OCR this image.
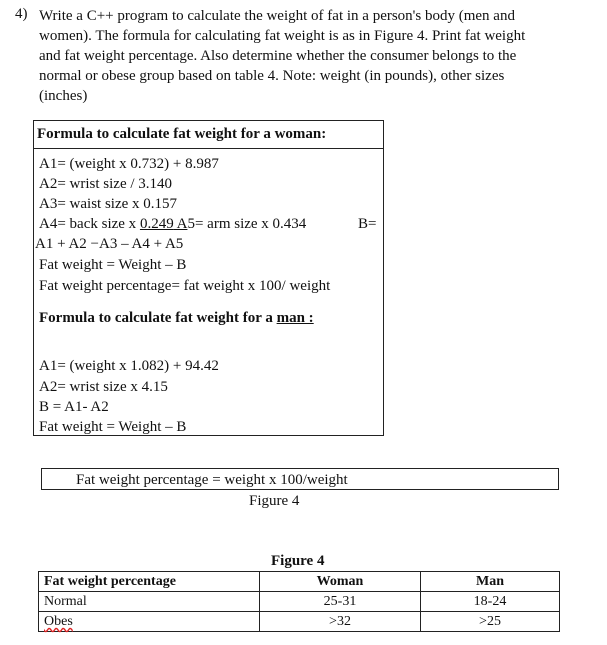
4) Write a C++ program to calculate the weight of fat in a person's body (men and
women). The formula for calculating fat weight is as in Figure 4. Print fat weight
and fat weight percentage. Also determine whether the consumer belongs to the
normal or obese group based on table 4. Note: weight (in pounds), other sizes
(inches)
Formula to calculate fat weight for a woman:
A1= (weight x 0.732) + 8.987
A2= wrist size / 3.140
A3= waist size x 0.157
A4= back size x 0.249 A5= arm size x 0.434	B=
A1 + A2 −A3 – A4 + A5
Fat weight = Weight – B
Fat weight percentage= fat weight x 100/ weight
Formula to calculate fat weight for a man :
A1= (weight x 1.082) + 94.42
A2= wrist size x 4.15
B = A1- A2
Fat weight = Weight – B
Fat weight percentage = weight x 100/weight
Figure 4
Figure 4
Fat weight percentage	Woman	Man
Normal	25-31	18-24
Obes	>32	>25
